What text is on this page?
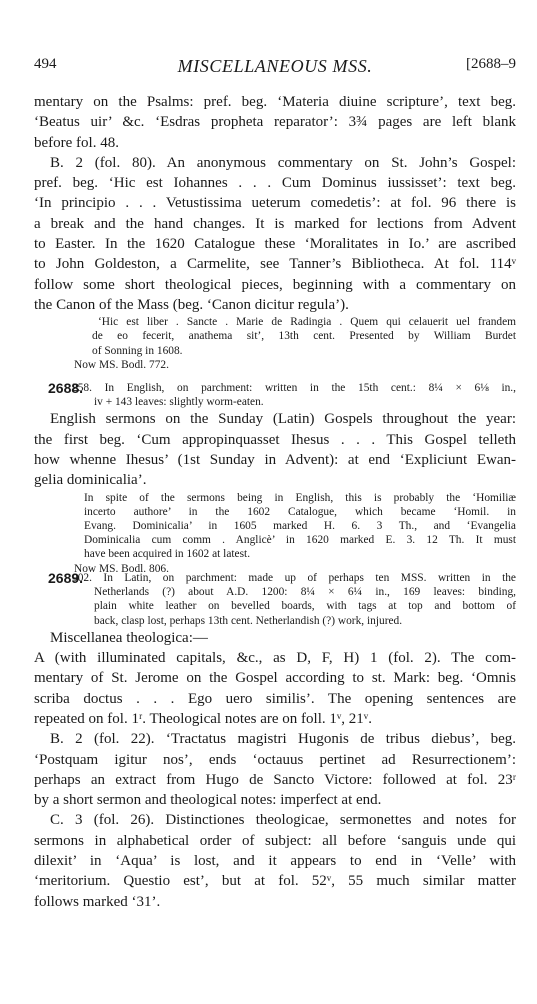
494	MISCELLANEOUS MSS.	[2688–9
mentary on the Psalms: pref. beg. ‘Materia diuine scripture’, text beg.
‘Beatus uir’ &c. ‘Esdras propheta reparator’: 3¾ pages are left blank
before fol. 48.
B. 2 (fol. 80). An anonymous commentary on St. John’s Gospel:
pref. beg. ‘Hic est Iohannes . . . Cum Dominus iussisset’: text beg.
‘In principio . . . Vetustissima ueterum comedetis’: at fol. 96 there is
a break and the hand changes. It is marked for lections from Advent
to Easter. In the 1620 Catalogue these ‘Moralitates in Io.’ are ascribed
to John Goldeston, a Carmelite, see Tanner’s Bibliotheca. At fol. 114ᵛ
follow some short theological pieces, beginning with a commentary on
the Canon of the Mass (beg. ‘Canon dicitur regula’).
‘Hic est liber . Sancte . Marie de Radingia . Quem qui celauerit uel frandem
de eo fecerit, anathema sit’, 13th cent. Presented by William Burdet
of Sonning in 1608.
Now MS. Bodl. 772.
2688.
258. In English, on parchment: written in the 15th cent.: 8¼ × 6⅛ in.,
iv + 143 leaves: slightly worm-eaten.
English sermons on the Sunday (Latin) Gospels throughout the year:
the first beg. ‘Cum appropinquasset Ihesus . . . This Gospel telleth
how whenne Ihesus’ (1st Sunday in Advent): at end ‘Expliciunt Ewan-
gelia dominicalia’.
In spite of the sermons being in English, this is probably the ‘Homiliæ
incerto authore’ in the 1602 Catalogue, which became ‘Homil. in
Evang. Dominicalia’ in 1605 marked H. 6. 3 Th., and ‘Evangelia
Dominicalia cum comm . Anglicè’ in 1620 marked E. 3. 12 Th. It must
have been acquired in 1602 at latest.
Now MS. Bodl. 806.
2689.
902. In Latin, on parchment: made up of perhaps ten MSS. written in the
Netherlands (?) about A.D. 1200: 8¼ × 6¼ in., 169 leaves: binding,
plain white leather on bevelled boards, with tags at top and bottom of
back, clasp lost, perhaps 13th cent. Netherlandish (?) work, injured.
Miscellanea theologica:—
A (with illuminated capitals, &c., as D, F, H) 1 (fol. 2). The com-
mentary of St. Jerome on the Gospel according to st. Mark: beg. ‘Omnis
scriba doctus . . . Ego uero similis’. The opening sentences are
repeated on fol. 1ʳ. Theological notes are on foll. 1ᵛ, 21ᵛ.
B. 2 (fol. 22). ‘Tractatus magistri Hugonis de tribus diebus’, beg.
‘Postquam igitur nos’, ends ‘octauus pertinet ad Resurrectionem’:
perhaps an extract from Hugo de Sancto Victore: followed at fol. 23ʳ
by a short sermon and theological notes: imperfect at end.
C. 3 (fol. 26). Distinctiones theologicae, sermonettes and notes for
sermons in alphabetical order of subject: all before ‘sanguis unde qui
dilexit’ in ‘Aqua’ is lost, and it appears to end in ‘Velle’ with
‘meritorium. Questio est’, but at fol. 52ᵛ, 55 much similar matter
follows marked ‘31’.
